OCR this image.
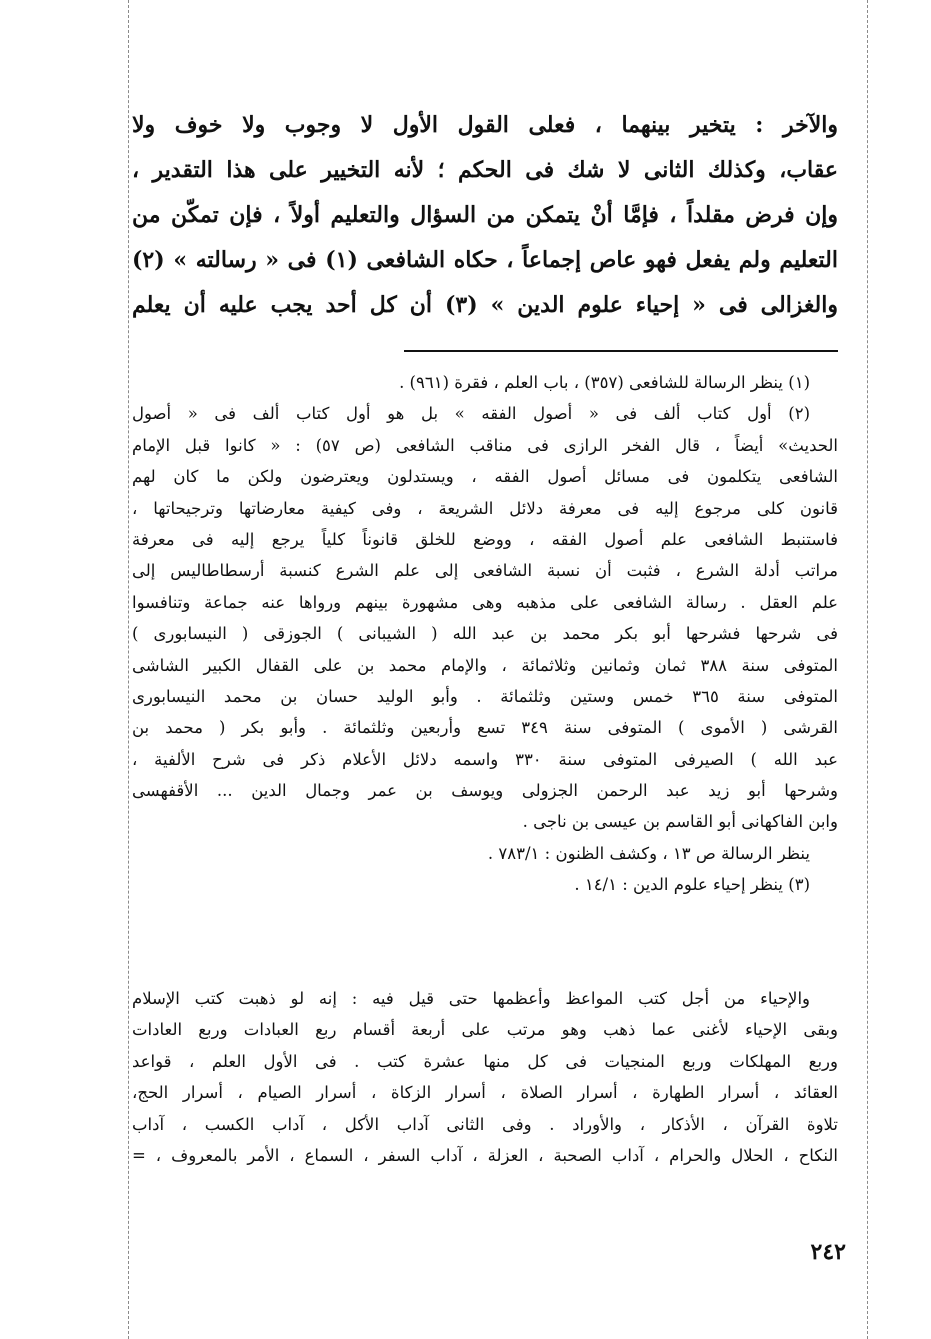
والآخر : يتخير بينهما ، فعلى القول الأول لا وجوب ولا خوف ولا
عقاب، وكذلك الثانى لا شك فى الحكم ؛ لأنه التخيير على هذا التقدير ،
وإن فرض مقلداً ، فإمَّا أنْ يتمكن من السؤال والتعليم أولاً ، فإن تمكّن من
التعليم ولم يفعل فهو عاص إجماعاً ، حكاه الشافعى (١) فى « رسالته » (٢)
والغزالى فى « إحياء علوم الدين » (٣) أن كل أحد يجب عليه أن يعلم
(١) ينظر الرسالة للشافعى (٣٥٧) ، باب العلم ، فقرة (٩٦١) .
(٢) أول كتاب ألف فى « أصول الفقه » بل هو أول كتاب ألف فى « أصول
الحديث» أيضاً ، قال الفخر الرازى فى مناقب الشافعى (ص ٥٧) : « كانوا قبل الإمام
الشافعى يتكلمون فى مسائل أصول الفقه ، ويستدلون ويعترضون ولكن ما كان لهم
قانون كلى مرجوع إليه فى معرفة دلائل الشريعة ، وفى كيفية معارضاتها وترجيحاتها ،
فاستنبط الشافعى علم أصول الفقه ، ووضع للخلق قانوناً كلياً يرجع إليه فى معرفة
مراتب أدلة الشرع ، فثبت أن نسبة الشافعى إلى علم الشرع كنسبة أرسطاطاليس إلى
علم العقل . رسالة الشافعى على مذهبه وهى مشهورة بينهم ورواها عنه جماعة وتنافسوا
فى شرحها فشرحها أبو بكر محمد بن عبد الله ( الشيبانى ) الجوزقى ( النيسابورى )
المتوفى سنة ٣٨٨ ثمان وثمانين وثلاثمائة ، والإمام محمد بن على القفال الكبير الشاشى
المتوفى سنة ٣٦٥ خمس وستين وثلثمائة . وأبو الوليد حسان بن محمد النيسابورى
القرشى ( الأموى ) المتوفى سنة ٣٤٩ تسع وأربعين وثلثمائة . وأبو بكر ( محمد بن
عبد الله ) الصيرفى المتوفى سنة ٣٣٠ واسمه دلائل الأعلام ذكر فى شرح الألفية ،
وشرحها أبو زيد عبد الرحمن الجزولى ويوسف بن عمر وجمال الدين ... الأقفهسى
وابن الفاكهانى أبو القاسم بن عيسى بن ناجى .
ينظر الرسالة ص ١٣ ، وكشف الظنون : ٧٨٣/١ .
(٣) ينظر إحياء علوم الدين : ١٤/١ .
والإحياء من أجل كتب المواعظ وأعظمها حتى قيل فيه : إنه لو ذهبت كتب الإسلام
وبقى الإحياء لأغنى عما ذهب وهو مرتب على أربعة أقسام ربع العبادات وربع العادات
وربع المهلكات وربع المنجيات فى كل منها عشرة كتب . فى الأول العلم ، قواعد
العقائد ، أسرار الطهارة ، أسرار الصلاة ، أسرار الزكاة ، أسرار الصيام ، أسرار الحج،
تلاوة القرآن ، الأذكار ، والأوراد . وفى الثانى آداب الأكل ، آداب الكسب ، آداب
النكاح ، الحلال والحرام ، آداب الصحبة ، العزلة ، آداب السفر ، السماع ، الأمر بالمعروف ، =
٢٤٢
